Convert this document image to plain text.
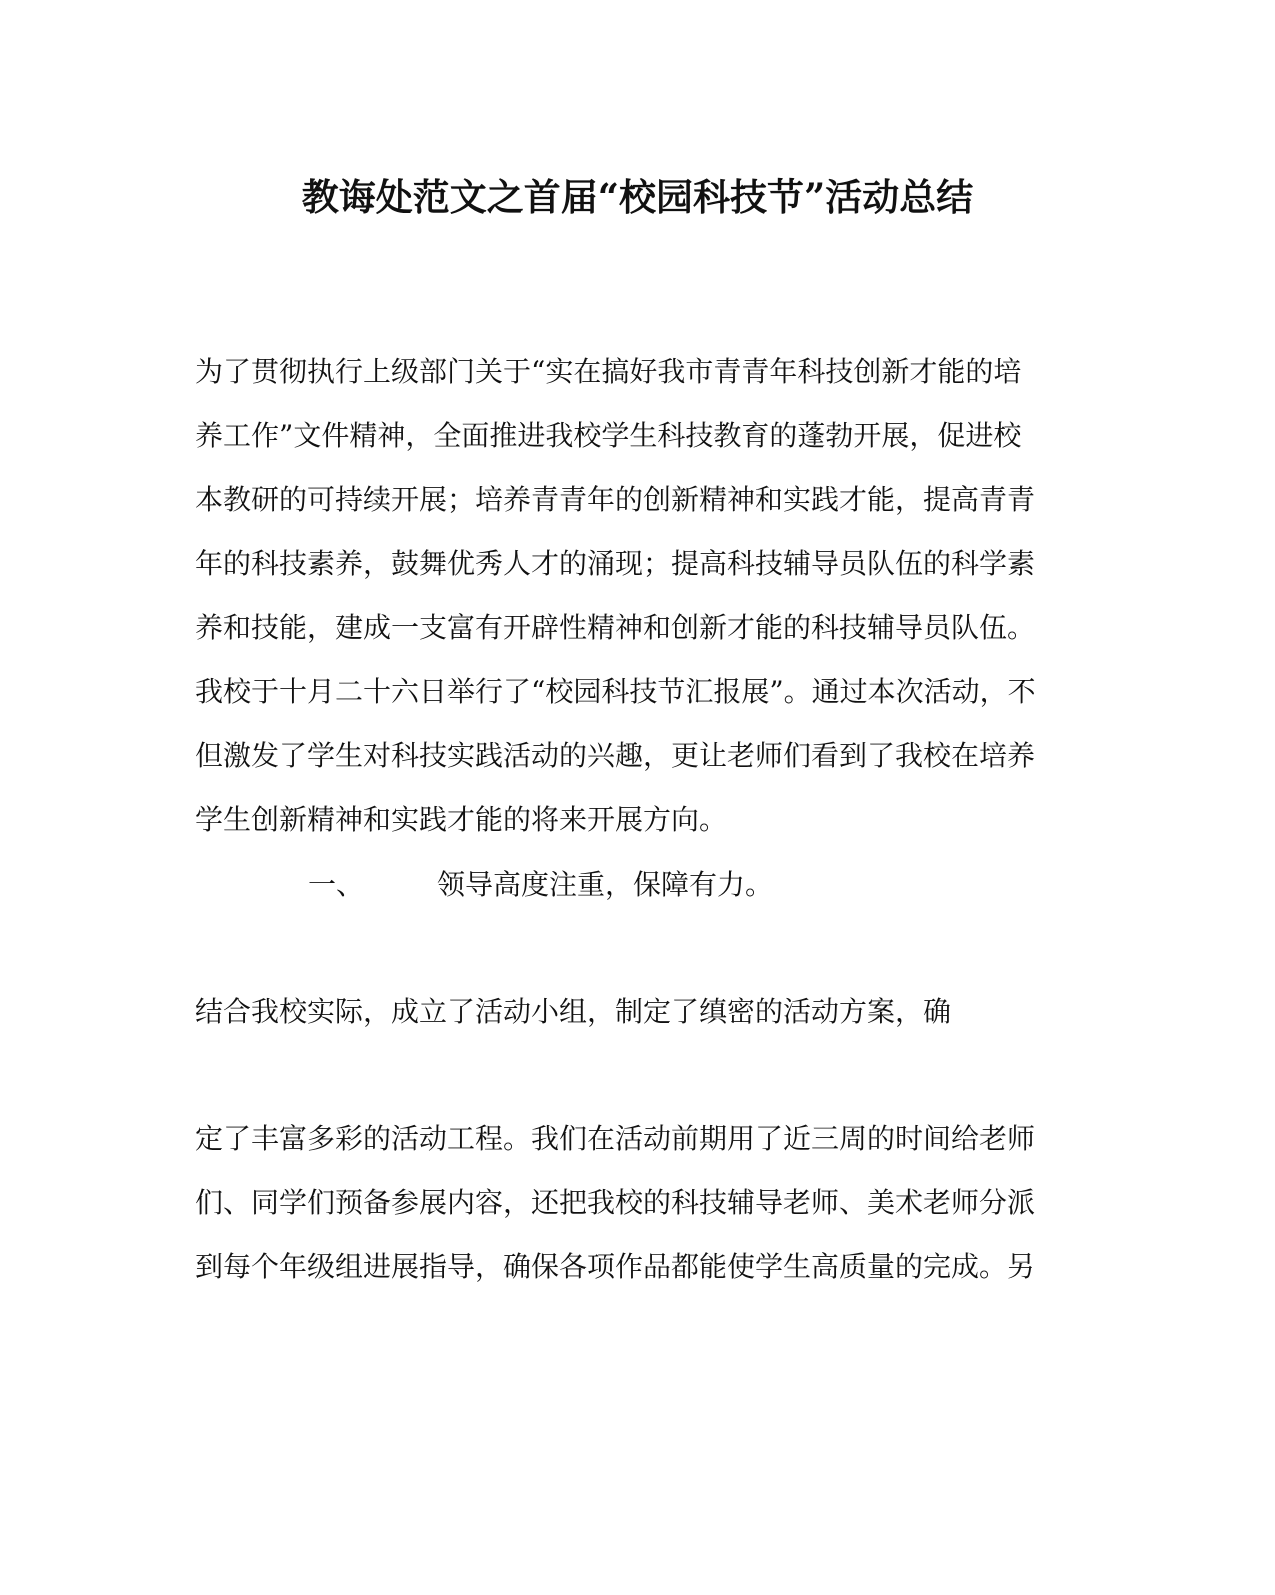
教诲处范文之首届“校园科技节”活动总结
为了贯彻执行上级部门关于“实在搞好我市青青年科技创新才能的培
养工作”文件精神，全面推进我校学生科技教育的蓬勃开展，促进校
本教研的可持续开展；培养青青年的创新精神和实践才能，提高青青
年的科技素养，鼓舞优秀人才的涌现；提高科技辅导员队伍的科学素
养和技能，建成一支富有开辟性精神和创新才能的科技辅导员队伍。
我校于十月二十六日举行了“校园科技节汇报展”。通过本次活动，不
但激发了学生对科技实践活动的兴趣，更让老师们看到了我校在培养
学生创新精神和实践才能的将来开展方向。
一、	领导高度注重，保障有力。
结合我校实际，成立了活动小组，制定了缜密的活动方案，确
定了丰富多彩的活动工程。我们在活动前期用了近三周的时间给老师
们、同学们预备参展内容，还把我校的科技辅导老师、美术老师分派
到每个年级组进展指导，确保各项作品都能使学生高质量的完成。另
